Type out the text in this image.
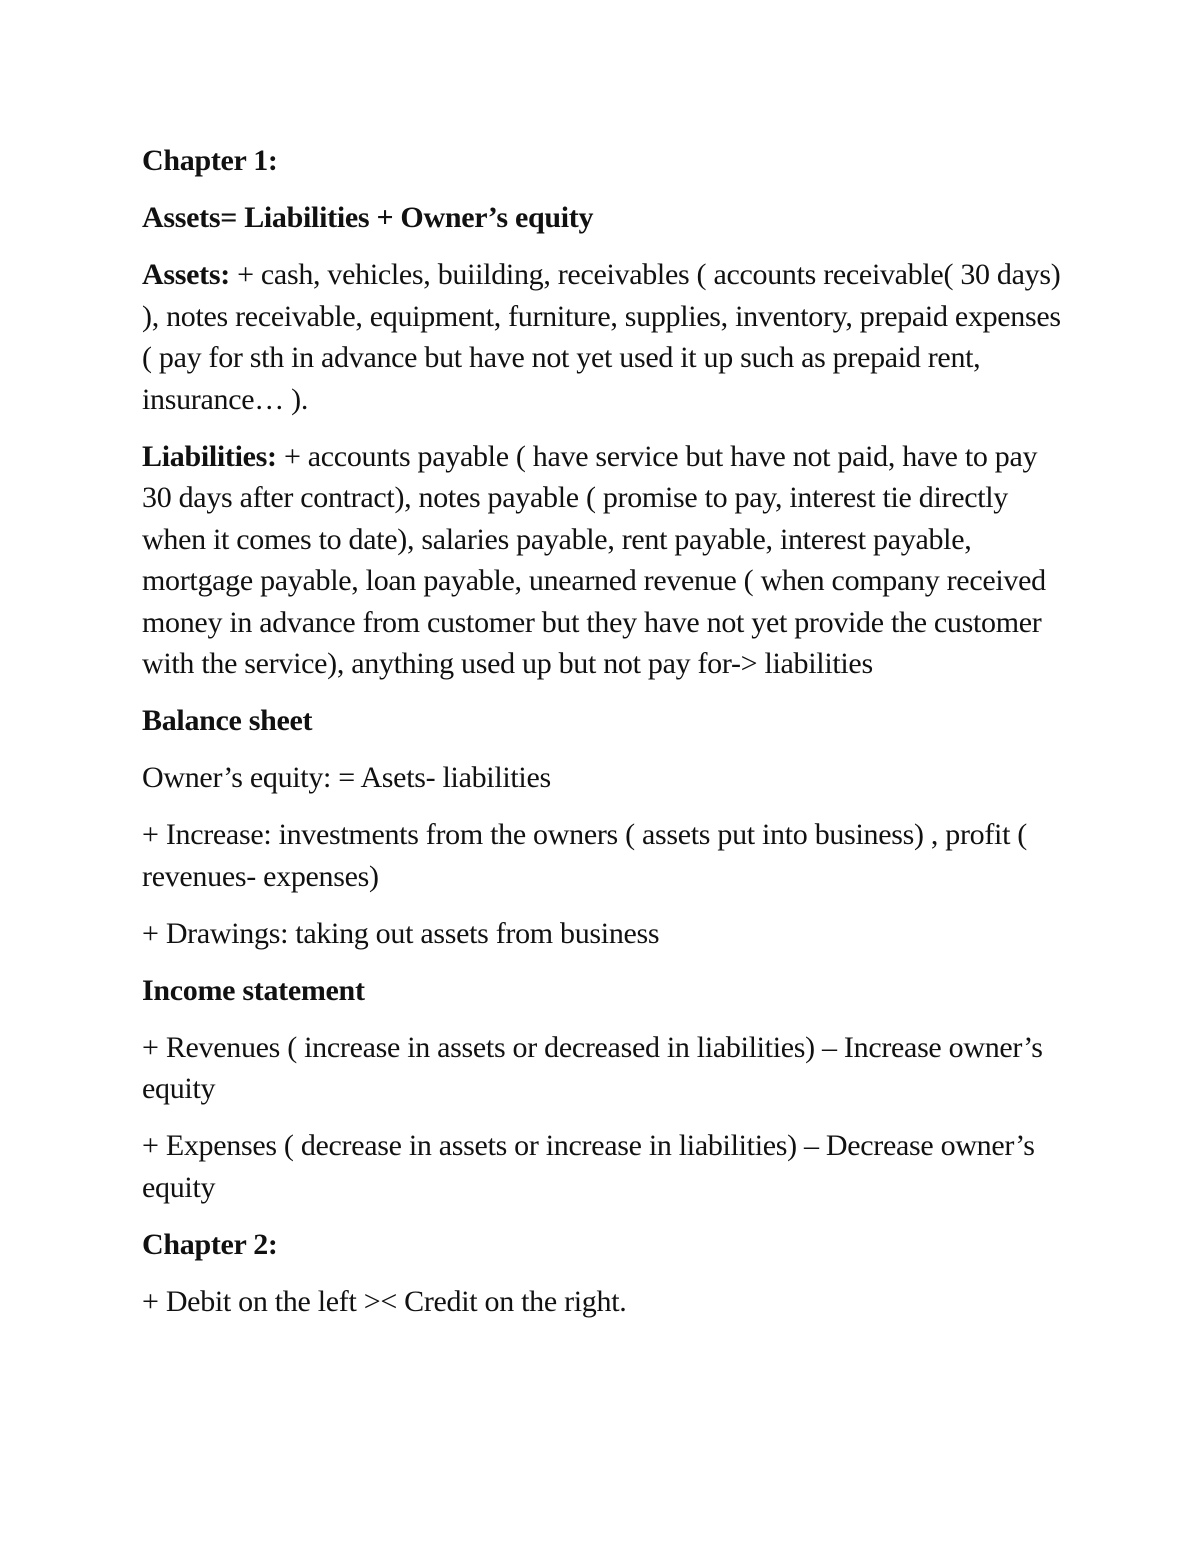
Chapter 1:

Assets= Liabilities + Owner’s equity

Assets: + cash, vehicles, buiilding, receivables ( accounts receivable( 30 days) ), notes receivable, equipment, furniture, supplies, inventory, prepaid expenses ( pay for sth in advance but have not yet used it up such as prepaid rent, insurance… ).

Liabilities: + accounts payable ( have service but have not paid, have to pay 30 days after contract), notes payable ( promise to pay, interest tie directly when it comes to date), salaries payable, rent payable, interest payable, mortgage payable, loan payable, unearned revenue ( when company received money in advance from customer but they have not yet provide the customer with the service), anything used up but not pay for-> liabilities

Balance sheet

Owner’s equity: = Asets- liabilities

+ Increase: investments from the owners ( assets put into business) , profit ( revenues- expenses)

+ Drawings: taking out assets from business

Income statement

+ Revenues ( increase in assets or decreased in liabilities) – Increase owner’s equity

+ Expenses ( decrease in assets or increase in liabilities) – Decrease owner’s equity

Chapter 2:

+ Debit on the left >< Credit on the right.
